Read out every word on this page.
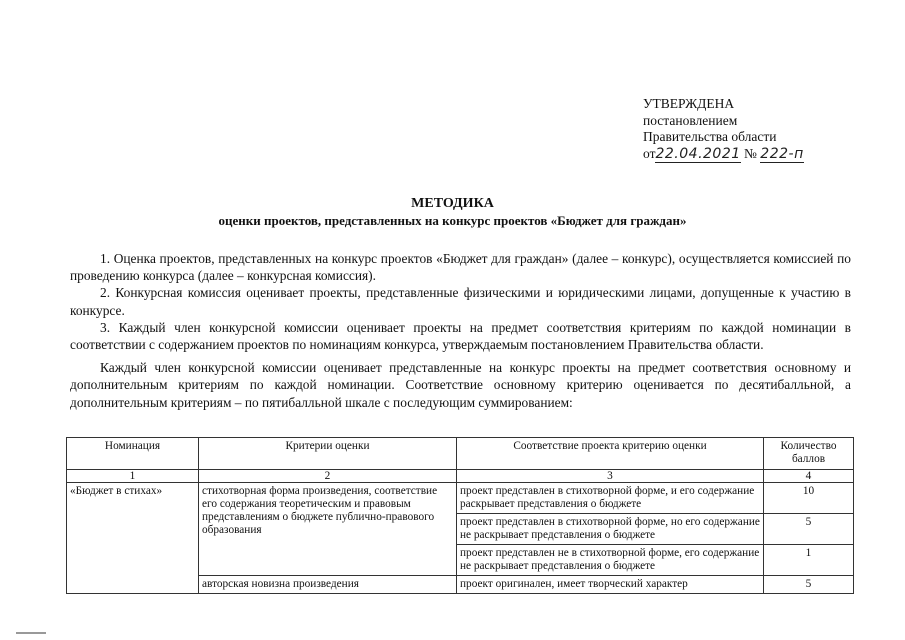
УТВЕРЖДЕНА
постановлением
Правительства области
от22.04.2021 № 222-п
МЕТОДИКА
оценки проектов, представленных на конкурс проектов «Бюджет для граждан»

1. Оценка проектов, представленных на конкурс проектов «Бюджет для граждан» (далее – конкурс), осуществляется комиссией по проведению конкурса (далее – конкурсная комиссия).

2. Конкурсная комиссия оценивает проекты, представленные физическими и юридическими лицами, допущенные к участию в конкурсе.

3. Каждый член конкурсной комиссии оценивает проекты на предмет соответствия критериям по каждой номинации в соответствии с содержанием проектов по номинациям конкурса, утверждаемым постановлением Правительства области.

Каждый член конкурсной комиссии оценивает представленные на конкурс проекты на предмет соответствия основному и дополнительным критериям по каждой номинации. Соответствие основному критерию оценивается по десятибалльной, а дополнительным критериям – по пятибалльной шкале с последующим суммированием:

Номинация	Критерии оценки	Соответствие проекта критерию оценки	Количество баллов
1	2	3	4
«Бюджет в стихах»	стихотворная форма произведения, соответствие его содержания теоретическим и правовым представлениям о бюджете публично-правового образования	проект представлен в стихотворной форме, и его содержание раскрывает представления о бюджете	10
		проект представлен в стихотворной форме, но его содержание не раскрывает представления о бюджете	5
		проект представлен не в стихотворной форме, его содержание не раскрывает представления о бюджете	1
	авторская новизна произведения	проект оригинален, имеет творческий характер	5
